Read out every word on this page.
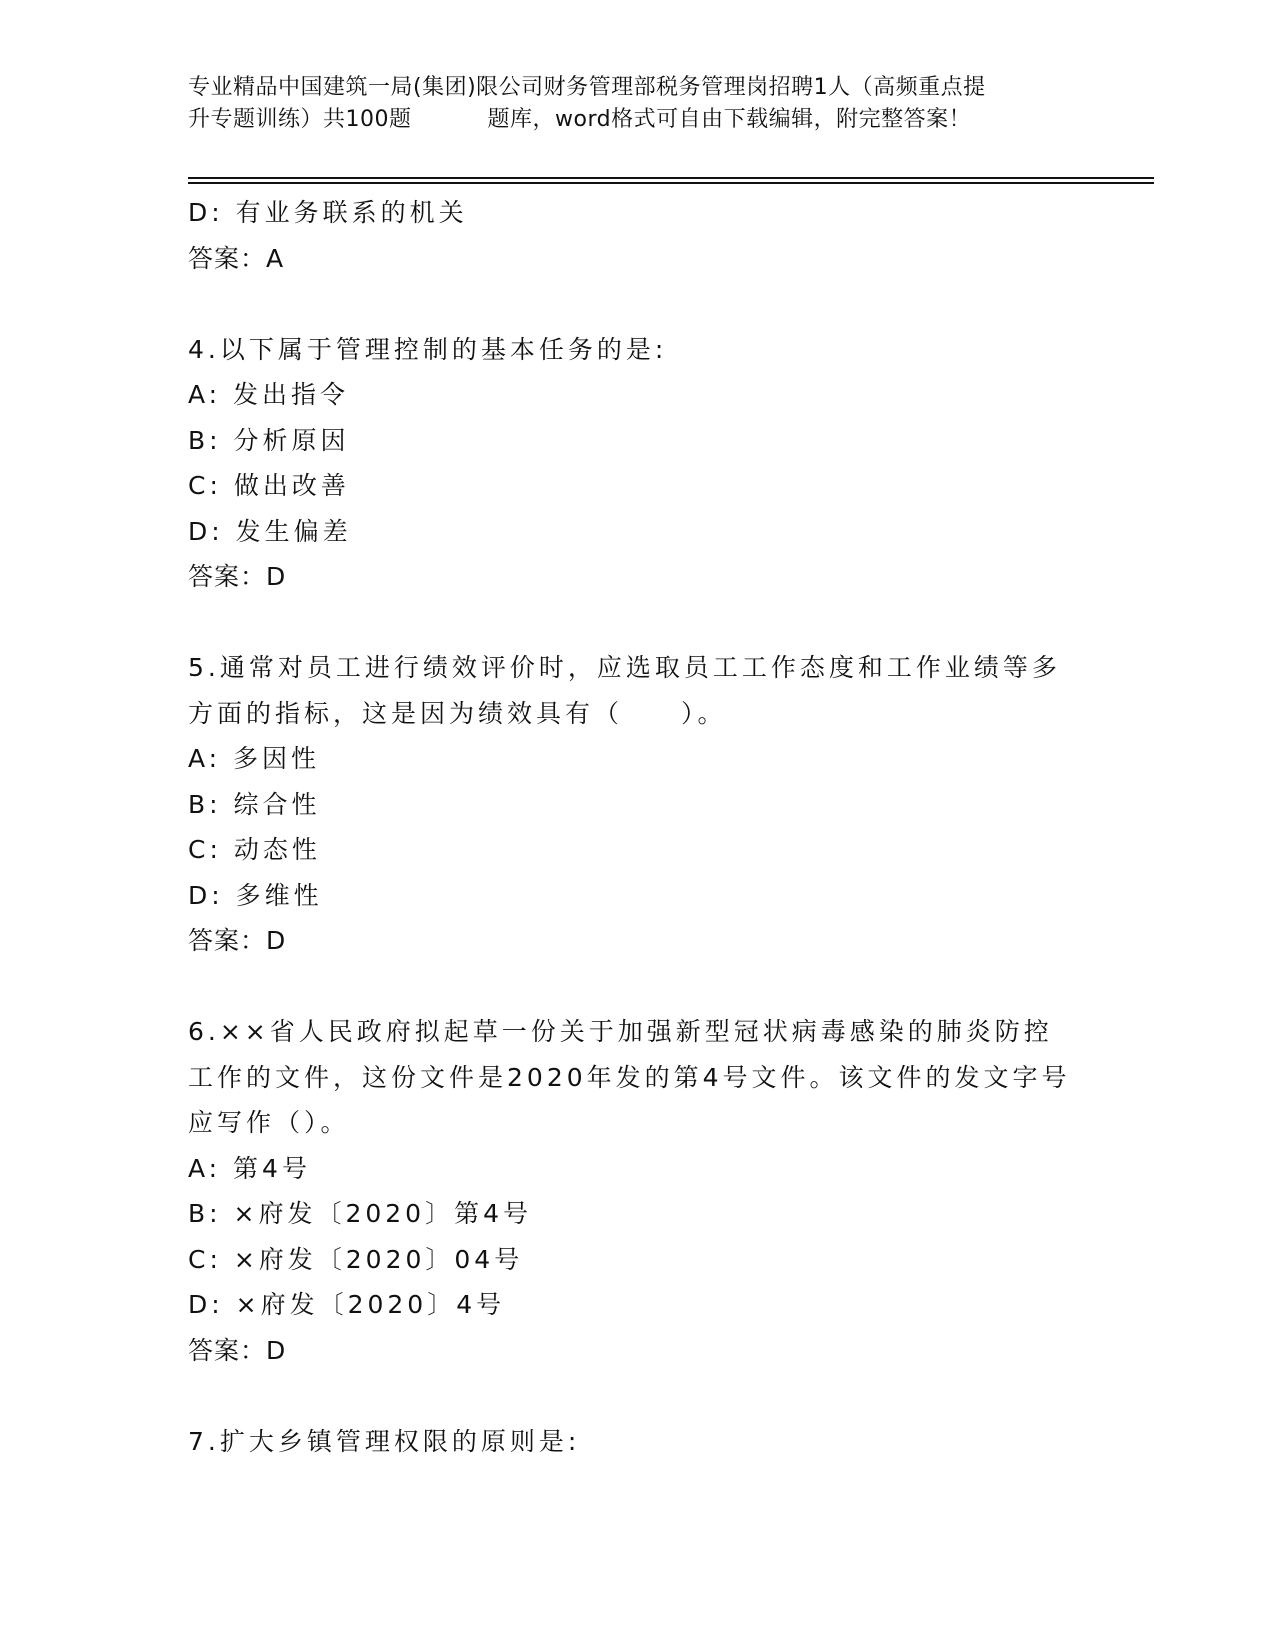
专业精品中国建筑一局(集团)限公司财务管理部税务管理岗招聘1人（高频重点提
升专题训练）共100题	题库，word格式可自由下载编辑，附完整答案！
D: 有业务联系的机关
答案：A
4.以下属于管理控制的基本任务的是:
A: 发出指令
B: 分析原因
C: 做出改善
D: 发生偏差
答案：D
5.通常对员工进行绩效评价时，应选取员工工作态度和工作业绩等多
方面的指标，这是因为绩效具有（　　）。
A: 多因性
B: 综合性
C: 动态性
D: 多维性
答案：D
6.××省人民政府拟起草一份关于加强新型冠状病毒感染的肺炎防控
工作的文件，这份文件是2020年发的第4号文件。该文件的发文字号
应写作（）。
A: 第4号
B: ×府发〔2020〕第4号
C: ×府发〔2020〕04号
D: ×府发〔2020〕4号
答案：D
7.扩大乡镇管理权限的原则是:
